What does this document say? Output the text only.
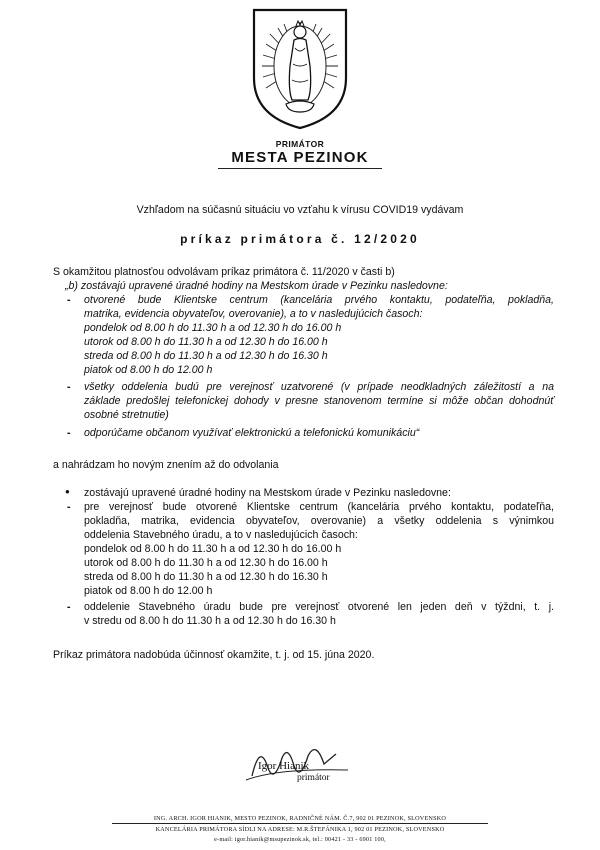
PRIMÁTOR
MESTA PEZINOK
Vzhľadom na súčasnú situáciu vo vzťahu k vírusu COVID19 vydávam
príkaz primátora č. 12/2020
S okamžitou platnosťou odvolávam príkaz primátora č. 11/2020 v časti b)
„b) zostávajú upravené úradné hodiny na Mestskom úrade v Pezinku nasledovne:
- otvorené bude Klientske centrum (kancelária prvého kontaktu, podateľňa, pokladňa,
matrika, evidencia obyvateľov, overovanie), a to v nasledujúcich časoch:
pondelok od 8.00 h do 11.30 h a od 12.30 h do 16.00 h
utorok od 8.00 h do 11.30 h a od 12.30 h do 16.00 h
streda od 8.00 h do 11.30 h a od 12.30 h do 16.30 h
piatok od 8.00 h do 12.00 h
- všetky oddelenia budú pre verejnosť uzatvorené (v prípade neodkladných záležitostí a na
základe predošlej telefonickej dohody v presne stanovenom termíne si môže občan dohodnúť
osobné stretnutie)
- odporúčame občanom využívať elektronickú a telefonickú komunikáciu“
a nahrádzam ho novým znením až do odvolania
● zostávajú upravené úradné hodiny na Mestskom úrade v Pezinku nasledovne:
- pre verejnosť bude otvorené Klientske centrum (kancelária prvého kontaktu, podateľňa,
pokladňa, matrika, evidencia obyvateľov, overovanie) a všetky oddelenia s výnimkou
oddelenia Stavebného úradu, a to v nasledujúcich časoch:
pondelok od 8.00 h do 11.30 h a od 12.30 h do 16.00 h
utorok od 8.00 h do 11.30 h a od 12.30 h do 16.00 h
streda od 8.00 h do 11.30 h a od 12.30 h do 16.30 h
piatok od 8.00 h do 12.00 h
- oddelenie Stavebného úradu bude pre verejnosť otvorené len jeden deň v týždni, t. j.
v stredu od 8.00 h do 11.30 h a od 12.30 h do 16.30 h
Príkaz primátora nadobúda účinnosť okamžite, t. j. od 15. júna 2020.
Igor Hianik
primátor
ING. ARCH. IGOR HIANIK, MESTO PEZINOK, RADNIČNÉ NÁM. Č.7, 902 01 PEZINOK, SLOVENSKO
KANCELÁRIA PRIMÁTORA SÍDLI NA ADRESE: M.R.ŠTEFÁNIKA 1, 902 01 PEZINOK, SLOVENSKO
e-mail: igor.hianik@msupezinok.sk, tel.: 00421 - 33 - 6901 100,
